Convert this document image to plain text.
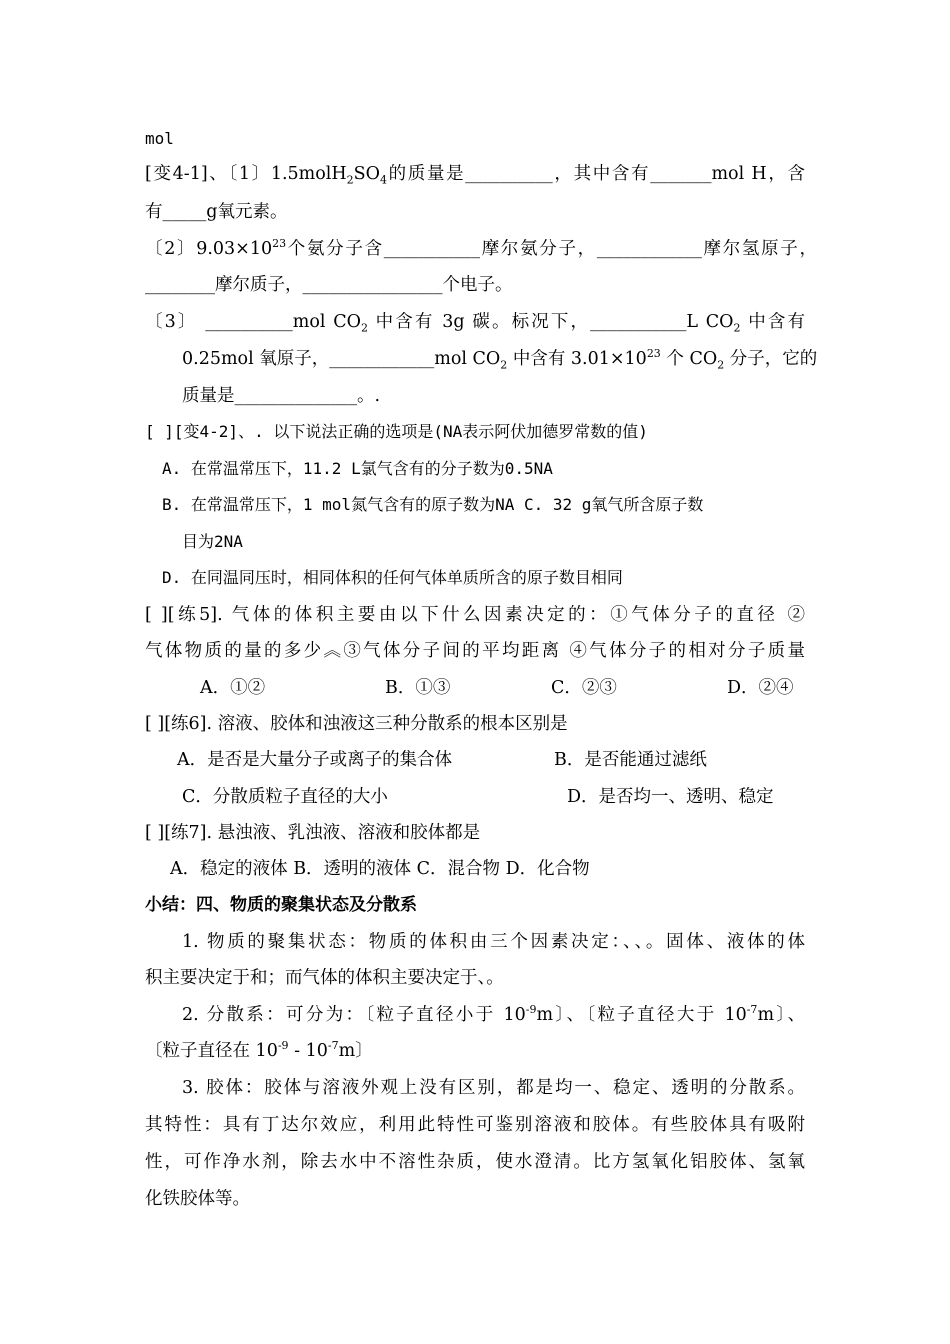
mol
[变4-1]、〔1〕$1.5molH_2SO_4$的质量是__________，其中含有_______mol H，含
有_____g氧元素。
〔2〕$9.03\times 10^{23}$个氨分子含___________摩尔氨分子，____________摩尔氢原子，
________摩尔质子，________________个电子。
〔3〕 __________mol $CO_2$ 中含有 3g 碳。标况下，___________L $CO_2$ 中含有
0.25mol 氧原子，____________mol $CO_2$ 中含有 $3.01\times 10^{23}$ 个 $CO_2$ 分子，它的
质量是______________。.
[ ][变4-2]、. 以下说法正确的选项是(NA表示阿伏加德罗常数的值)
A. 在常温常压下，11.2 L氯气含有的分子数为0.5NA
B. 在常温常压下，1 mol氮气含有的原子数为NA C. 32 g氧气所含原子数
目为2NA
D. 在同温同压时，相同体积的任何气体单质所含的原子数目相同
[ ][练5]. 气体的体积主要由以下什么因素决定的：①气体分子的直径 ②
气体物质的量的多少︽③气体分子间的平均距离 ④气体分子的相对分子质量
A．①②	B．①③	C．②③	D．②④
[ ][练6]. 溶液、胶体和浊液这三种分散系的根本区别是
A．是否是大量分子或离子的集合体	B．是否能通过滤纸
C．分散质粒子直径的大小	D．是否均一、透明、稳定
[ ][练7]. 悬浊液、乳浊液、溶液和胶体都是
A．稳定的液体 B．透明的液体 C．混合物 D．化合物
小结：四、物质的聚集状态及分散系
1. 物质的聚集状态：物质的体积由三个因素决定：、、。固体、液体的体
积主要决定于和；而气体的体积主要决定于、。
2. 分散系：可分为：〔粒子直径小于 $10^{-9}m$〕、〔粒子直径大于 $10^{-7}m$〕、
〔粒子直径在 $10^{-9} - 10^{-7}m$〕
3. 胶体：胶体与溶液外观上没有区别，都是均一、稳定、透明的分散系。
其特性：具有丁达尔效应，利用此特性可鉴别溶液和胶体。有些胶体具有吸附
性，可作净水剂，除去水中不溶性杂质，使水澄清。比方氢氧化铝胶体、氢氧
化铁胶体等。
